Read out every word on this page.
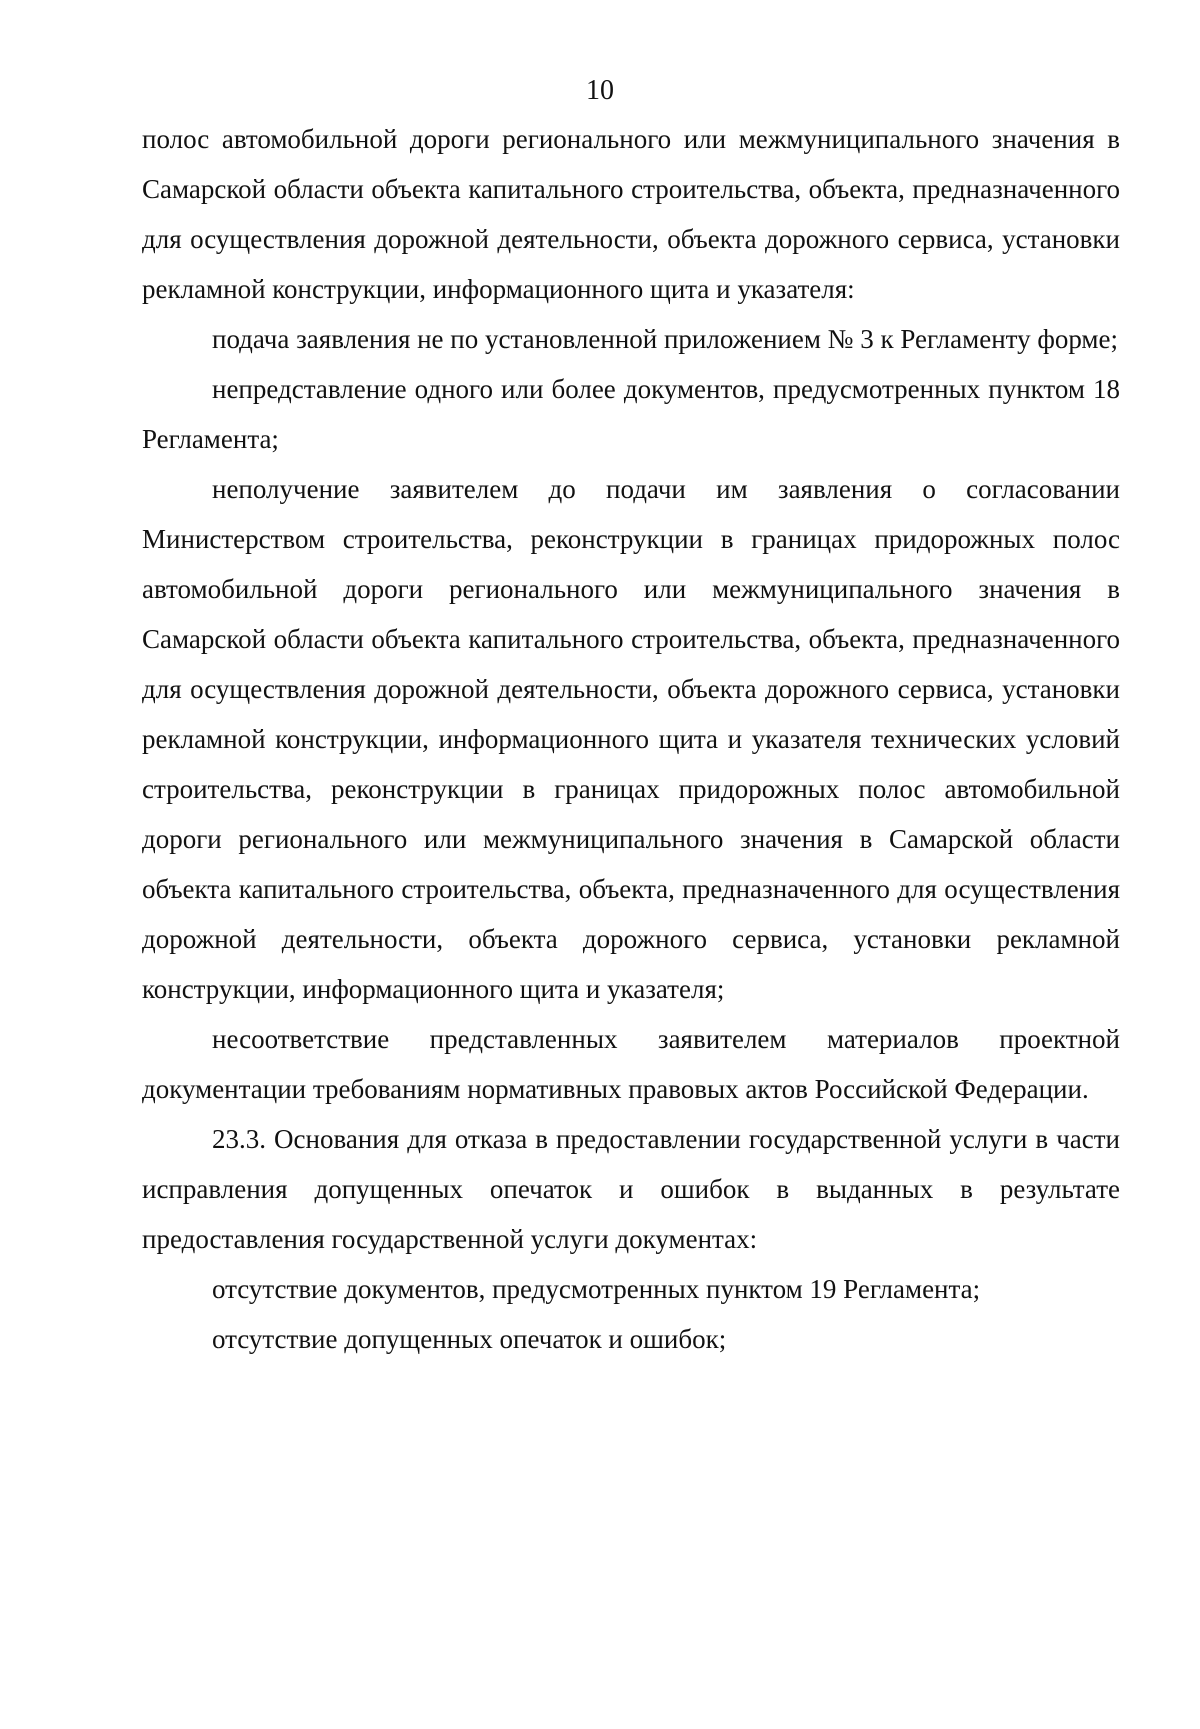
10

полос автомобильной дороги регионального или межмуниципального значения в Самарской области объекта капитального строительства, объекта, предназначенного для осуществления дорожной деятельности, объекта дорожного сервиса, установки рекламной конструкции, информационного щита и указателя:

подача заявления не по установленной приложением № 3 к Регламенту форме;

непредставление одного или более документов, предусмотренных пунктом 18 Регламента;

неполучение заявителем до подачи им заявления о согласовании Министерством строительства, реконструкции в границах придорожных полос автомобильной дороги регионального или межмуниципального значения в Самарской области объекта капитального строительства, объекта, предназначенного для осуществления дорожной деятельности, объекта дорожного сервиса, установки рекламной конструкции, информационного щита и указателя технических условий строительства, реконструкции в границах придорожных полос автомобильной дороги регионального или межмуниципального значения в Самарской области объекта капитального строительства, объекта, предназначенного для осуществления дорожной деятельности, объекта дорожного сервиса, установки рекламной конструкции, информационного щита и указателя;

несоответствие представленных заявителем материалов проектной документации требованиям нормативных правовых актов Российской Федерации.

23.3. Основания для отказа в предоставлении государственной услуги в части исправления допущенных опечаток и ошибок в выданных в результате предоставления государственной услуги документах:

отсутствие документов, предусмотренных пунктом 19 Регламента;

отсутствие допущенных опечаток и ошибок;
